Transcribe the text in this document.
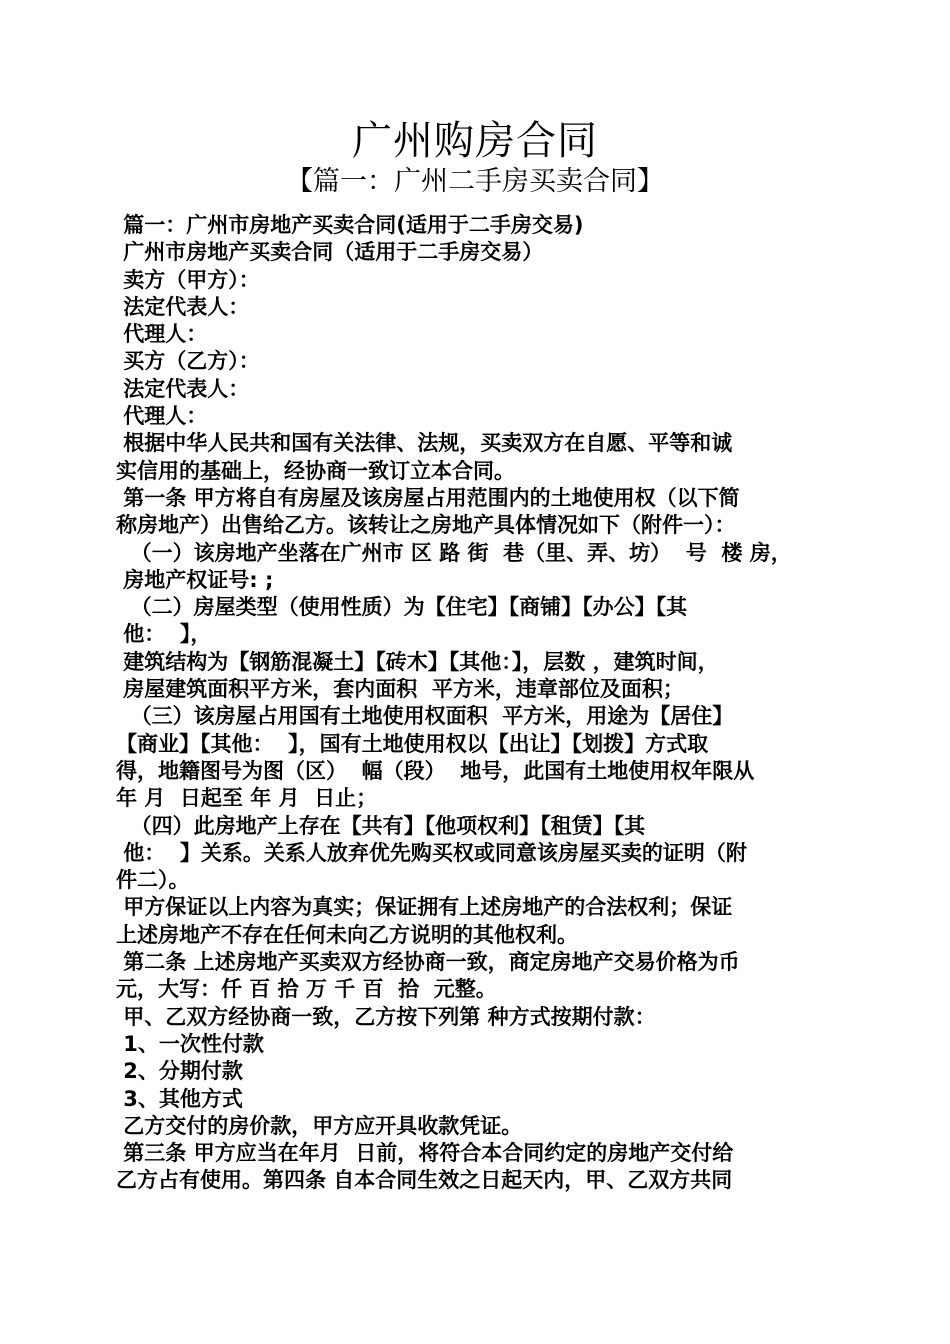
广州购房合同
【篇一：广州二手房买卖合同】
篇一：广州市房地产买卖合同(适用于二手房交易)
广州市房地产买卖合同（适用于二手房交易）
卖方（甲方）：
法定代表人：
代理人：
买方（乙方）：
法定代表人：
代理人：
根据中华人民共和国有关法律、法规，买卖双方在自愿、平等和诚
实信用的基础上，经协商一致订立本合同。
第一条 甲方将自有房屋及该房屋占用范围内的土地使用权（以下简
称房地产）出售给乙方。该转让之房地产具体情况如下（附件一）：
（一）该房地产坐落在广州市 区 路 街  巷（里、弄、坊）  号  楼 房，
房地产权证号: ;
（二）房屋类型（使用性质）为【住宅】【商铺】【办公】【其
他：  】，
建筑结构为【钢筋混凝土】【砖木】【其他：】，层数 ，建筑时间，
房屋建筑面积平方米，套内面积  平方米，违章部位及面积；
（三）该房屋占用国有土地使用权面积  平方米，用途为【居住】
【商业】【其他：  】，国有土地使用权以【出让】【划拨】方式取
得，地籍图号为图（区）  幅（段）  地号，此国有土地使用权年限从
年 月  日起至 年 月  日止；
（四）此房地产上存在【共有】【他项权利】【租赁】【其
他：  】关系。关系人放弃优先购买权或同意该房屋买卖的证明（附
件二）。
甲方保证以上内容为真实；保证拥有上述房地产的合法权利；保证
上述房地产不存在任何未向乙方说明的其他权利。
第二条 上述房地产买卖双方经协商一致，商定房地产交易价格为币
元，大写：仟 百 拾 万 千 百  拾  元整。
甲、乙双方经协商一致，乙方按下列第 种方式按期付款：
1、一次性付款
2、分期付款
3、其他方式
乙方交付的房价款，甲方应开具收款凭证。
第三条 甲方应当在年月  日前，将符合本合同约定的房地产交付给
乙方占有使用。第四条 自本合同生效之日起天内，甲、乙双方共同
